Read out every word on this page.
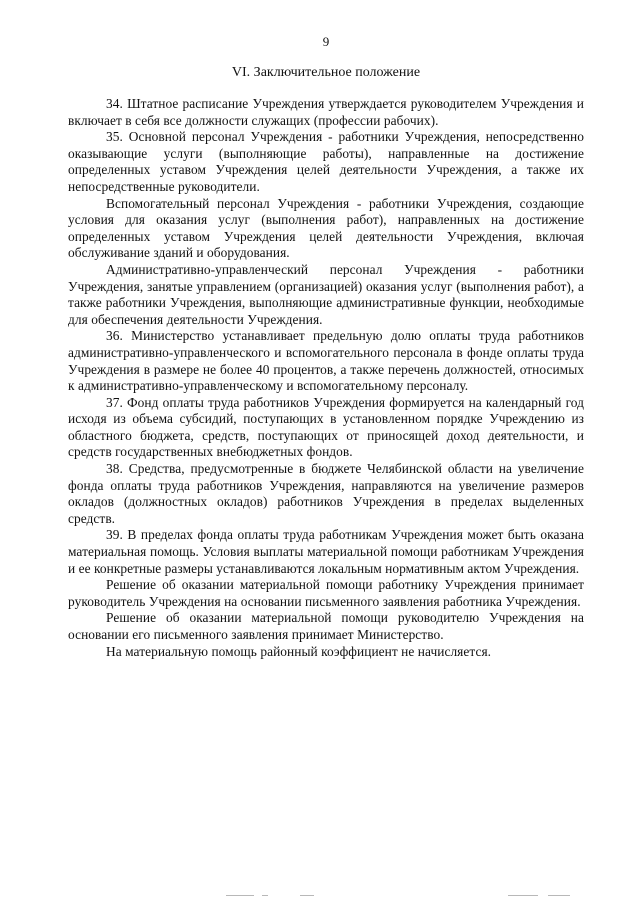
9
VI. Заключительное положение

34. Штатное расписание Учреждения утверждается руководителем Учреждения и включает в себя все должности служащих (профессии рабочих).

35. Основной персонал Учреждения - работники Учреждения, непосредственно оказывающие услуги (выполняющие работы), направленные на достижение определенных уставом Учреждения целей деятельности Учреждения, а также их непосредственные руководители.

Вспомогательный персонал Учреждения - работники Учреждения, создающие условия для оказания услуг (выполнения работ), направленных на достижение определенных уставом Учреждения целей деятельности Учреждения, включая обслуживание зданий и оборудования.

Административно-управленческий персонал Учреждения - работники Учреждения, занятые управлением (организацией) оказания услуг (выполнения работ), а также работники Учреждения, выполняющие административные функции, необходимые для обеспечения деятельности Учреждения.

36. Министерство устанавливает предельную долю оплаты труда работников административно-управленческого и вспомогательного персонала в фонде оплаты труда Учреждения в размере не более 40 процентов, а также перечень должностей, относимых к административно-управленческому и вспомогательному персоналу.

37. Фонд оплаты труда работников Учреждения формируется на календарный год исходя из объема субсидий, поступающих в установленном порядке Учреждению из областного бюджета, средств, поступающих от приносящей доход деятельности, и средств государственных внебюджетных фондов.

38. Средства, предусмотренные в бюджете Челябинской области на увеличение фонда оплаты труда работников Учреждения, направляются на увеличение размеров окладов (должностных окладов) работников Учреждения в пределах выделенных средств.

39. В пределах фонда оплаты труда работникам Учреждения может быть оказана материальная помощь. Условия выплаты материальной помощи работникам Учреждения и ее конкретные размеры устанавливаются локальным нормативным актом Учреждения.

Решение об оказании материальной помощи работнику Учреждения принимает руководитель Учреждения на основании письменного заявления работника Учреждения.

Решение об оказании материальной помощи руководителю Учреждения на основании его письменного заявления принимает Министерство.

На материальную помощь районный коэффициент не начисляется.
